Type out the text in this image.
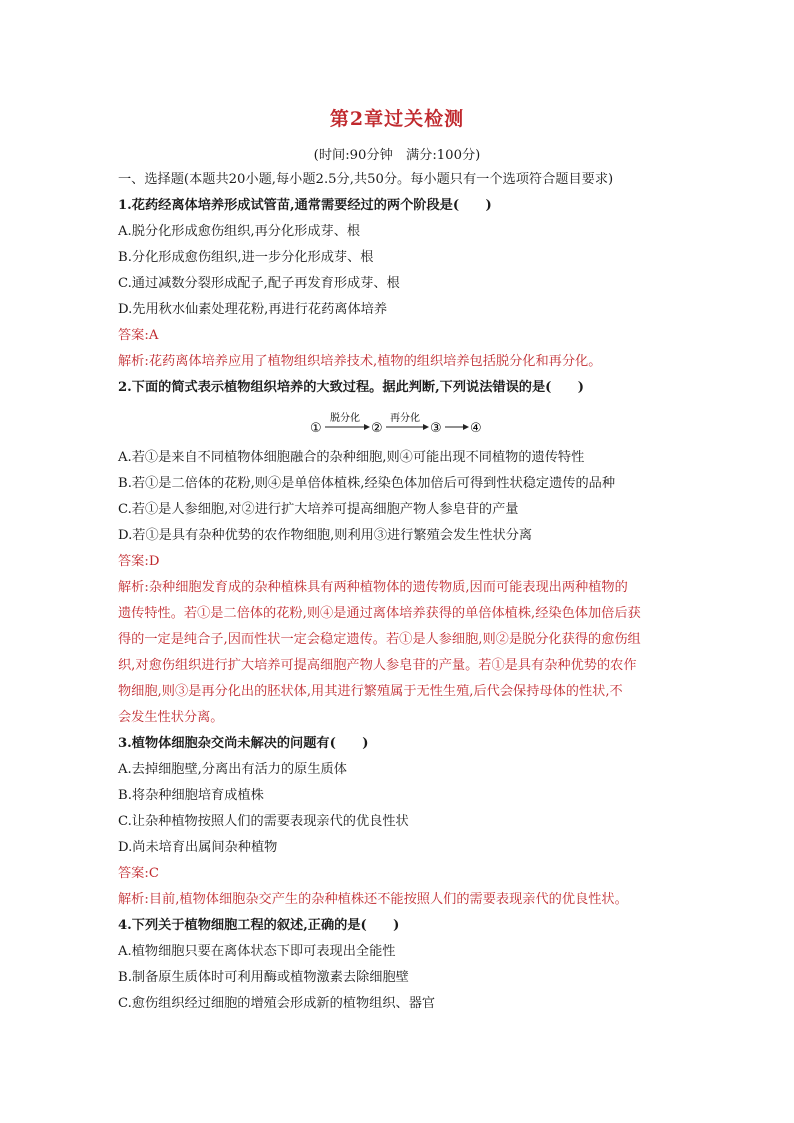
第2章过关检测
(时间:90分钟　满分:100分)
一、选择题(本题共20小题,每小题2.5分,共50分。每小题只有一个选项符合题目要求)
1.花药经离体培养形成试管苗,通常需要经过的两个阶段是(　　)
A.脱分化形成愈伤组织,再分化形成芽、根
B.分化形成愈伤组织,进一步分化形成芽、根
C.通过减数分裂形成配子,配子再发育形成芽、根
D.先用秋水仙素处理花粉,再进行花药离体培养
答案:A
解析:花药离体培养应用了植物组织培养技术,植物的组织培养包括脱分化和再分化。
2.下面的简式表示植物组织培养的大致过程。据此判断,下列说法错误的是(　　)
①
脱分化
②
再分化
③ ④
A.若①是来自不同植物体细胞融合的杂种细胞,则④可能出现不同植物的遗传特性
B.若①是二倍体的花粉,则④是单倍体植株,经染色体加倍后可得到性状稳定遗传的品种
C.若①是人参细胞,对②进行扩大培养可提高细胞产物人参皂苷的产量
D.若①是具有杂种优势的农作物细胞,则利用③进行繁殖会发生性状分离
答案:D
解析:杂种细胞发育成的杂种植株具有两种植物体的遗传物质,因而可能表现出两种植物的
遗传特性。若①是二倍体的花粉,则④是通过离体培养获得的单倍体植株,经染色体加倍后获
得的一定是纯合子,因而性状一定会稳定遗传。若①是人参细胞,则②是脱分化获得的愈伤组
织,对愈伤组织进行扩大培养可提高细胞产物人参皂苷的产量。若①是具有杂种优势的农作
物细胞,则③是再分化出的胚状体,用其进行繁殖属于无性生殖,后代会保持母体的性状,不
会发生性状分离。
3.植物体细胞杂交尚未解决的问题有(　　)
A.去掉细胞壁,分离出有活力的原生质体
B.将杂种细胞培育成植株
C.让杂种植物按照人们的需要表现亲代的优良性状
D.尚未培育出属间杂种植物
答案:C
解析:目前,植物体细胞杂交产生的杂种植株还不能按照人们的需要表现亲代的优良性状。
4.下列关于植物细胞工程的叙述,正确的是(　　)
A.植物细胞只要在离体状态下即可表现出全能性
B.制备原生质体时可利用酶或植物激素去除细胞壁
C.愈伤组织经过细胞的增殖会形成新的植物组织、器官
